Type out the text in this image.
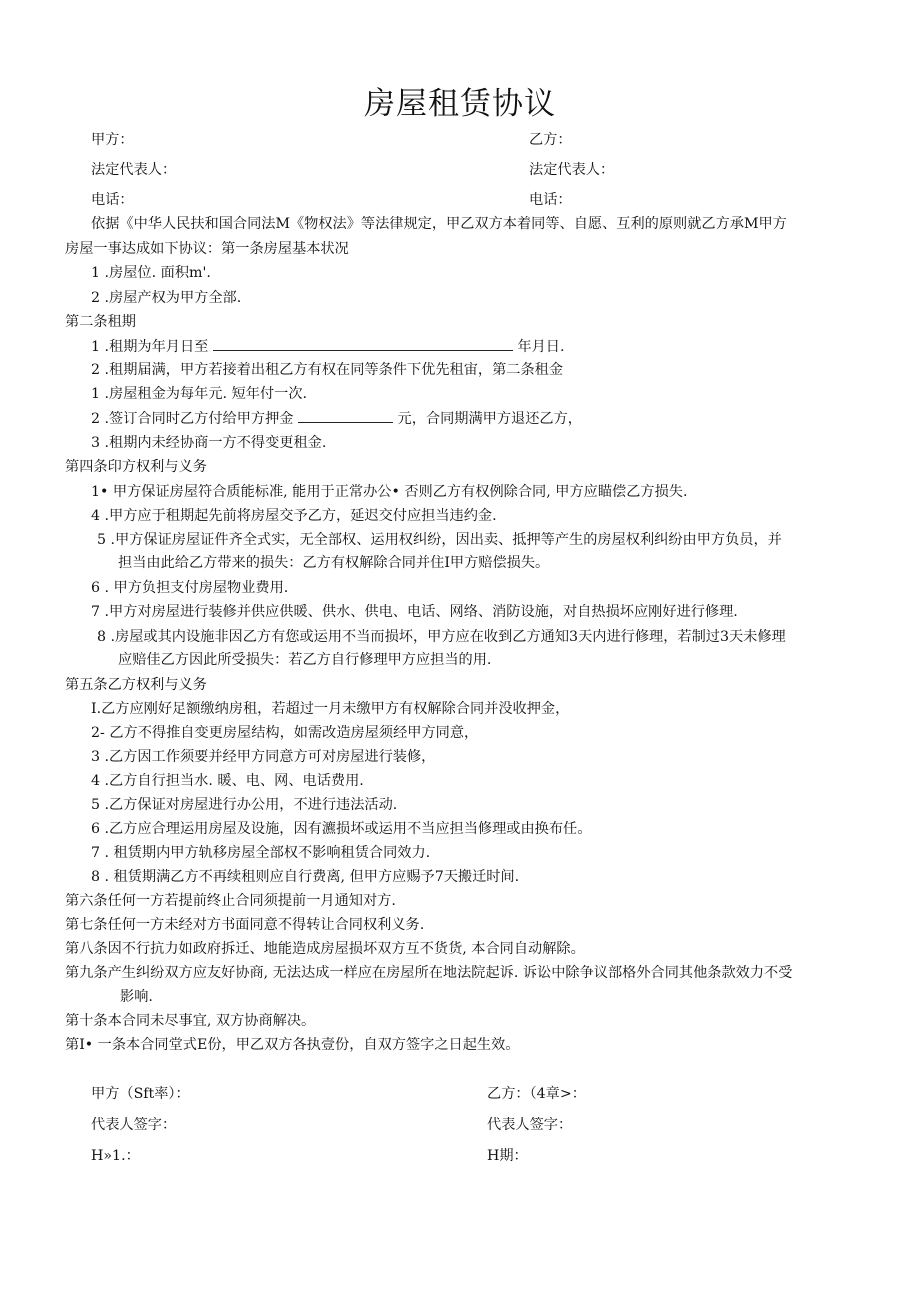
房屋租赁协议
甲方：	乙方：
法定代表人：	法定代表人：
电话：	电话：
依据《中华人民扶和国合同法M《物权法》等法律规定，甲乙双方本着同等、自愿、互利的原则就乙方承M甲方
房屋一事达成如下协议：第一条房屋基本状况
1 .房屋位. 面积m'.
2 .房屋产权为甲方全部.
第二条租期
1 .租期为年月日至	年月日.
2 .租期届满，甲方若接着出租乙方有权在同等条件下优先租宙，第二条租金
1 .房屋租金为每年元. 短年付一次.
2 .签订合同时乙方付给甲方押金	元，合同期满甲方退还乙方，
3 .租期内未经协商一方不得变更租金.
第四条印方权利与义务
1• 甲方保证房屋符合质能标准, 能用于正常办公• 否则乙方有权例除合同, 甲方应瞄偿乙方损失.
4 .甲方应于租期起先前将房屋交予乙方，延迟交付应担当违约金.
5 .甲方保证房屋证件齐全式实，无全部权、运用权纠纷，因出卖、抵押等产生的房屋权利纠纷由甲方负员，并
担当由此给乙方带来的损失：乙方有权解除合同并住I甲方赔偿损失。
6 . 甲方负担支付房屋物业费用.
7 .甲方对房屋进行装修并供应供暖、供水、供电、电话、网络、消防设施，对自热损坏应刚好进行修理.
8 .房屋或其内设施非因乙方有您或运用不当而损坏，甲方应在收到乙方通知3天内进行修理，若制过3天未修理
应赔佳乙方因此所受损失：若乙方自行修理甲方应担当的用.
第五条乙方权利与义务
I.乙方应刚好足额缴纳房租，若超过一月未缴甲方有权解除合同并没收押金，
2- 乙方不得推自变更房屋结构，如需改造房屋须经甲方同意，
3 .乙方因工作须要并经甲方同意方可对房屋进行装修，
4 .乙方自行担当水. 暖、电、网、电话费用.
5 .乙方保证对房屋进行办公用，不进行违法活动.
6 .乙方应合理运用房屋及设施，因有瀌损坏或运用不当应担当修理或由换布任。
7 . 租赁期内甲方轨移房屋全部权不影响租赁合同效力.
8 . 租赁期满乙方不再续租则应自行费离, 但甲方应赐予7天搬迁时间.
第六条任何一方若提前终止合同须提前一月通知对方.
第七条任何一方未经对方书面同意不得转让合同权利义务.
第八条因不行抗力如政府拆迁、地能造成房屋损坏双方互不货货, 本合同自动解除。
第九条产生纠纷双方应友好协商, 无法达成一样应在房屋所在地法院起诉. 诉讼中除争议部格外合同其他条款效力不受
影响.
第十条本合同未尽事宜, 双方协商解决。
第I• 一条本合同堂式E份，甲乙双方各执壹份，自双方签字之日起生效。
甲方（Sft率）：	乙方：（4章>：
代表人签字：	代表人签字：
H»1.：	H期：
